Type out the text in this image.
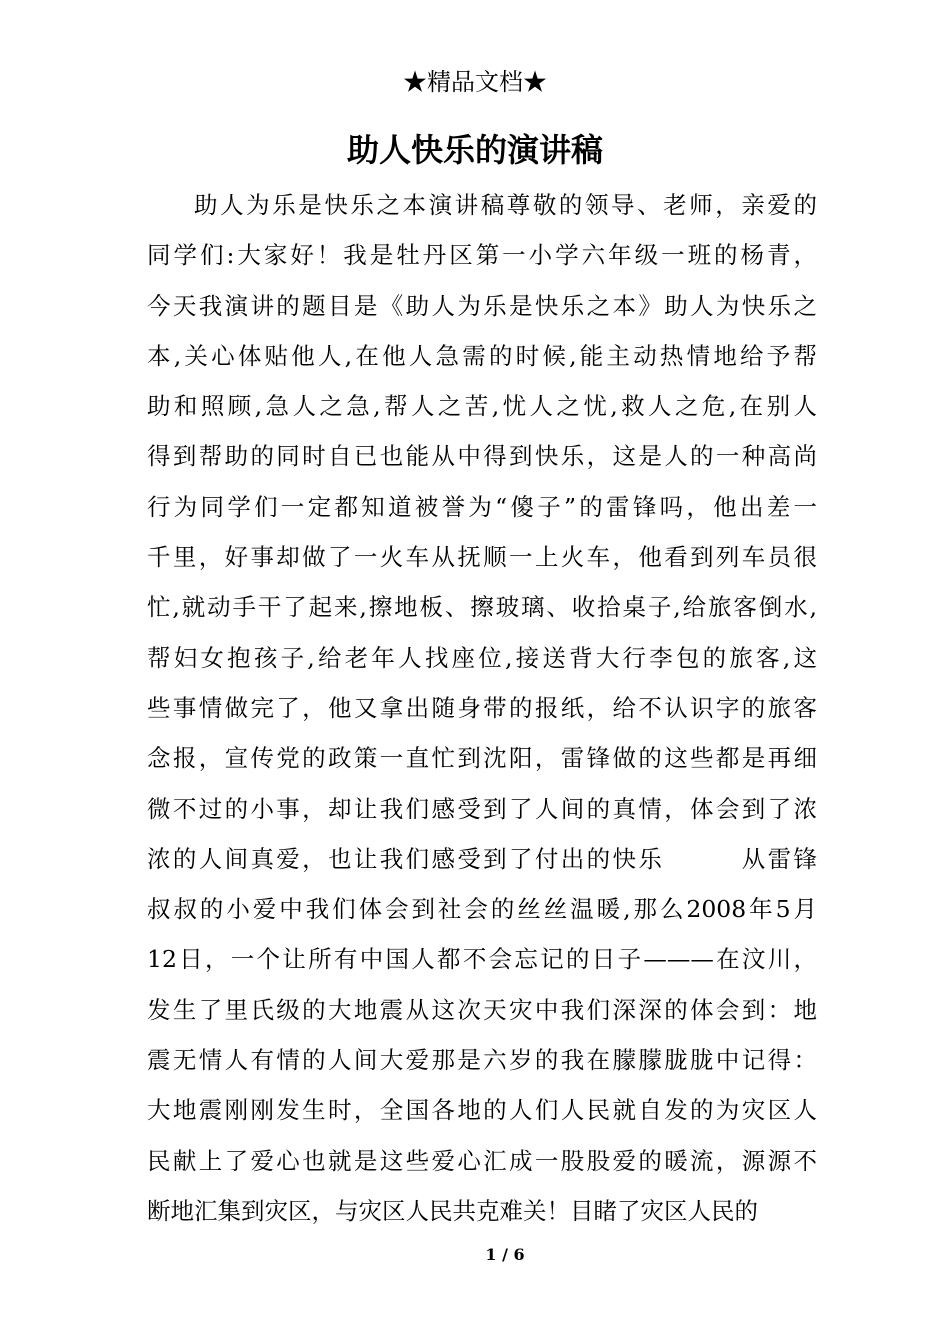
★精品文档★
助人快乐的演讲稿
助人为乐是快乐之本演讲稿尊敬的领导、老师，亲爱的
同学们:大家好！我是牡丹区第一小学六年级一班的杨青，
今天我演讲的题目是《助人为乐是快乐之本》助人为快乐之
本,关心体贴他人,在他人急需的时候,能主动热情地给予帮
助和照顾,急人之急,帮人之苦,忧人之忧,救人之危,在别人
得到帮助的同时自已也能从中得到快乐，这是人的一种高尚
行为同学们一定都知道被誉为“傻子”的雷锋吗，他出差一
千里，好事却做了一火车从抚顺一上火车，他看到列车员很
忙,就动手干了起来,擦地板、擦玻璃、收拾桌子,给旅客倒水,
帮妇女抱孩子,给老年人找座位,接送背大行李包的旅客,这
些事情做完了，他又拿出随身带的报纸，给不认识字的旅客
念报，宣传党的政策一直忙到沈阳，雷锋做的这些都是再细
微不过的小事，却让我们感受到了人间的真情，体会到了浓
浓的人间真爱，也让我们感受到了付出的快乐　　　从雷锋
叔叔的小爱中我们体会到社会的丝丝温暖,那么2008年5月
12日，一个让所有中国人都不会忘记的日子———在汶川，
发生了里氏级的大地震从这次天灾中我们深深的体会到：地
震无情人有情的人间大爱那是六岁的我在朦朦胧胧中记得：
大地震刚刚发生时，全国各地的人们人民就自发的为灾区人
民献上了爱心也就是这些爱心汇成一股股爱的暖流，源源不
断地汇集到灾区，与灾区人民共克难关！目睹了灾区人民的
1 / 6
